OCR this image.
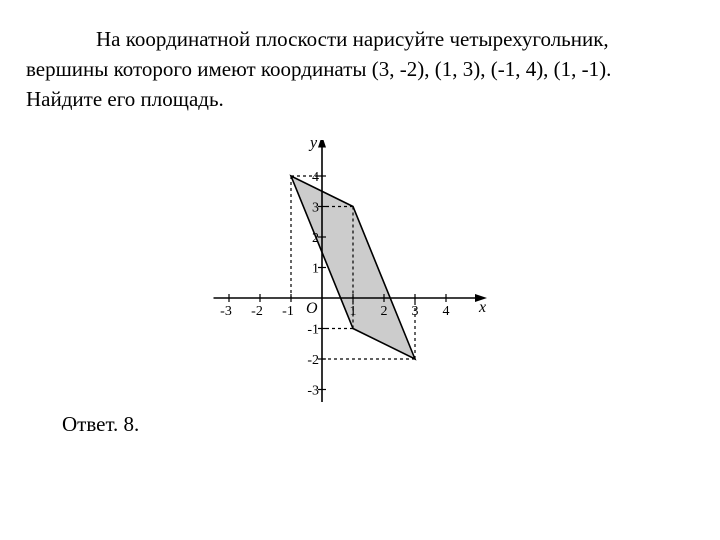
На координатной плоскости нарисуйте четырехугольник,
вершины которого имеют координаты (3, -2), (1, 3), (-1, 4), (1, -1).
Найдите его площадь.
-3 -2 -1	1 2 3 4
4
3
2
1
-1
-2
-3
x
y
O
Ответ. 8.
